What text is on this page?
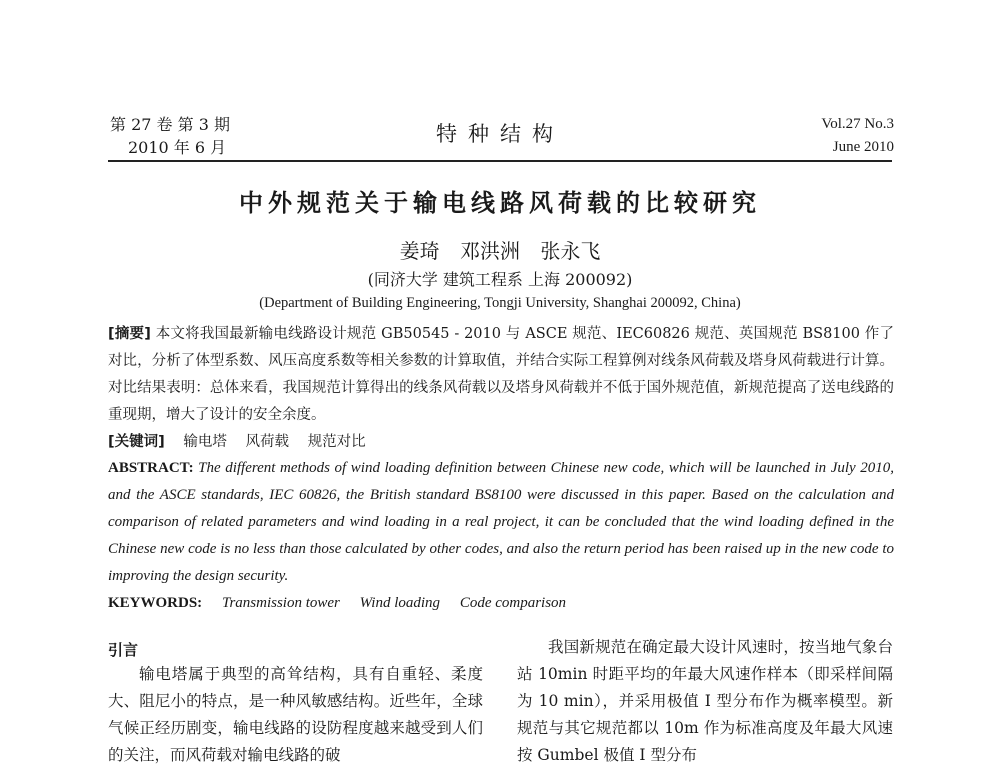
第 27 卷 第 3 期
2010 年 6 月
特种结构	Vol.27 No.3
June 2010
中外规范关于输电线路风荷载的比较研究
姜琦 邓洪洲 张永飞
(同济大学 建筑工程系 上海 200092)
(Department of Building Engineering, Tongji University, Shanghai 200092, China)
[摘要] 本文将我国最新输电线路设计规范 GB50545 - 2010 与 ASCE 规范、IEC60826 规范、英国规范 BS8100 作了对比，分析了体型系数、风压高度系数等相关参数的计算取值，并结合实际工程算例对线条风荷载及塔身风荷载进行计算。对比结果表明：总体来看，我国规范计算得出的线条风荷载以及塔身风荷载并不低于国外规范值，新规范提高了送电线路的重现期，增大了设计的安全余度。
[关键词] 输电塔 风荷载 规范对比
ABSTRACT: The different methods of wind loading definition between Chinese new code, which will be launched in July 2010, and the ASCE standards, IEC 60826, the British standard BS8100 were discussed in this paper. Based on the calculation and comparison of related parameters and wind loading in a real project, it can be concluded that the wind loading defined in the Chinese new code is no less than those calculated by other codes, and also the return period has been raised up in the new code to improving the design security.
KEYWORDS: Transmission tower Wind loading Code comparison
引言

输电塔属于典型的高耸结构，具有自重轻、柔度大、阻尼小的特点，是一种风敏感结构。近些年，全球气候正经历剧变，输电线路的设防程度越来越受到人们的关注，而风荷载对输电线路的破

我国新规范在确定最大设计风速时，按当地气象台站 10min 时距平均的年最大风速作样本（即采样间隔为 10 min），并采用极值 I 型分布作为概率模型。新规范与其它规范都以 10m 作为标准高度及年最大风速按 Gumbel 极值 I 型分布
